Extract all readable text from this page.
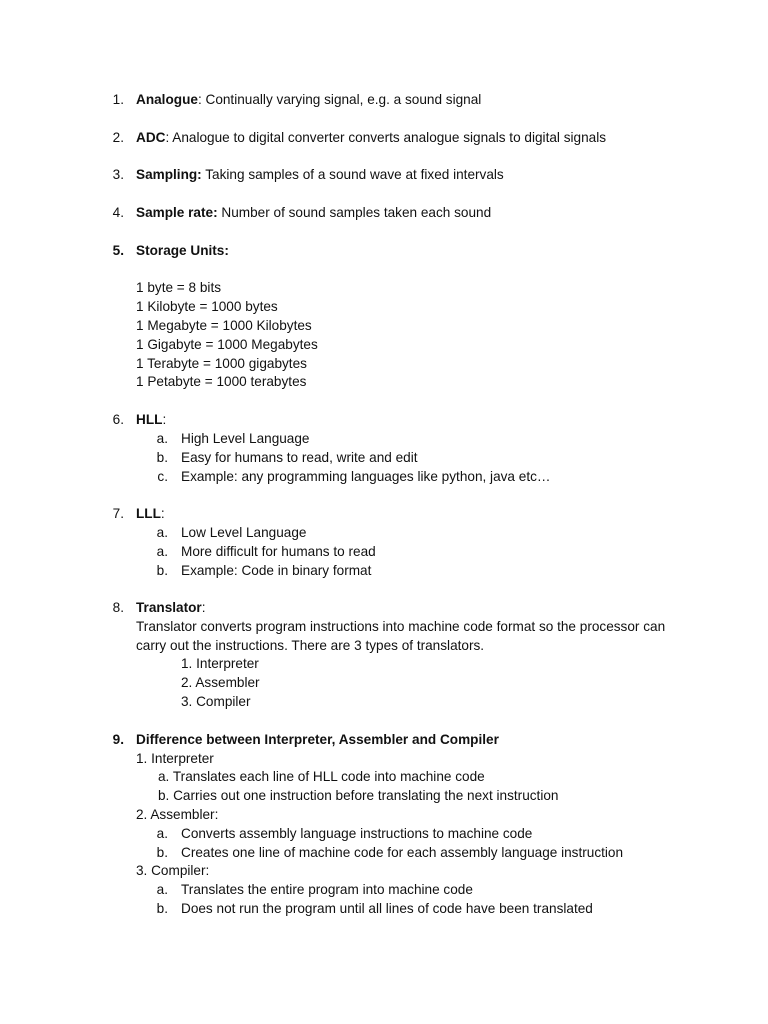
1. Analogue: Continually varying signal, e.g. a sound signal
2. ADC: Analogue to digital converter converts analogue signals to digital signals
3. Sampling: Taking samples of a sound wave at fixed intervals
4. Sample rate: Number of sound samples taken each sound
5. Storage Units:
1 byte = 8 bits
1 Kilobyte = 1000 bytes
1 Megabyte = 1000 Kilobytes
1 Gigabyte = 1000 Megabytes
1 Terabyte = 1000 gigabytes
1 Petabyte = 1000 terabytes
6. HLL:
a. High Level Language
b. Easy for humans to read, write and edit
c. Example: any programming languages like python, java etc…
7. LLL:
a. Low Level Language
a. More difficult for humans to read
b. Example: Code in binary format
8. Translator:
Translator converts program instructions into machine code format so the processor can
carry out the instructions. There are 3 types of translators.
1. Interpreter
2. Assembler
3. Compiler
9. Difference between Interpreter, Assembler and Compiler
1. Interpreter
a. Translates each line of HLL code into machine code
b. Carries out one instruction before translating the next instruction
2. Assembler:
a. Converts assembly language instructions to machine code
b. Creates one line of machine code for each assembly language instruction
3. Compiler:
a. Translates the entire program into machine code
b. Does not run the program until all lines of code have been translated
